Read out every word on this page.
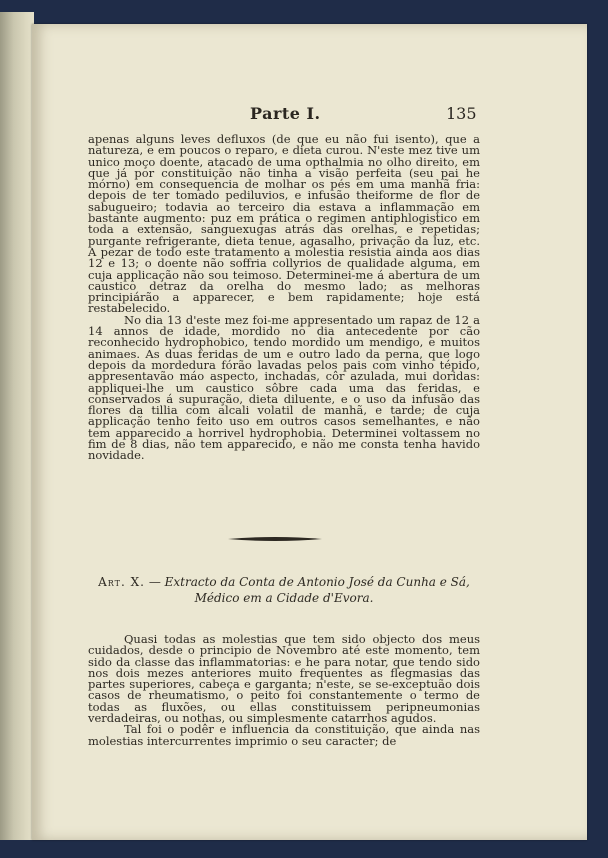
Parte I.	135

apenas alguns leves defluxos (de que eu não fui isento), que a natureza, e em poucos o reparo, e dieta curou. N'este mez tive um unico moço doente, atacado de uma opthalmia no olho direito, em que já por constituição não tinha a visão perfeita (seu pai he mórno) em consequencia de molhar os pés em uma manhã fria: depois de ter tomado pediluvios, e infusão theiforme de flor de sabugueiro; todavia ao terceiro dia estava a inflammação em bastante augmento: puz em prática o regimen antiphlogistico em toda a extensão, sanguexugas atrás das orelhas, e repetidas; purgante refrigerante, dieta tenue, agasalho, privação da luz, etc. A pezar de todo este tratamento a molestia resistia ainda aos dias 12 e 13; o doente não soffria collyrios de qualidade alguma, em cuja applicação não sou teimoso. Determinei-me á abertura de um caustico detraz da orelha do mesmo lado; as melhoras principiárão a apparecer, e bem rapidamente; hoje está restabelecido.

No dia 13 d'este mez foi-me appresentado um rapaz de 12 a 14 annos de idade, mordido no dia antecedente por cão reconhecido hydrophobico, tendo mordido um mendigo, e muitos animaes. As duas feridas de um e outro lado da perna, que logo depois da mordedura fórão lavadas pelos pais com vinho tépido, appresentavão máo aspecto, inchadas, côr azulada, mui doridas: appliquei-lhe um caustico sôbre cada uma das feridas, e conservados á supuração, dieta diluente, e o uso da infusão das flores da tillia com alcali volatil de manhã, e tarde; de cuja applicação tenho feito uso em outros casos semelhantes, e não tem apparecido a horrivel hydrophobia. Determinei voltassem no fim de 8 dias, não tem apparecido, e não me consta tenha havido novidade.

Art. X. — Extracto da Conta de Antonio José da Cunha e Sá,
Médico em a Cidade d'Evora.

Quasi todas as molestias que tem sido objecto dos meus cuidados, desde o principio de Novembro até este momento, tem sido da classe das inflammatorias: e he para notar, que tendo sido nos dois mezes anteriores muito frequentes as flegmasias das partes superiores, cabeça e garganta; n'este, se se-exceptuão dois casos de rheumatismo, o peito foi constantemente o termo de todas as fluxões, ou ellas constituissem peripneumonias verdadeiras, ou nothas, ou simplesmente catarrhos agudos.

Tal foi o podêr e influencia da constituição, que ainda nas molestias intercurrentes imprimio o seu caracter; de
